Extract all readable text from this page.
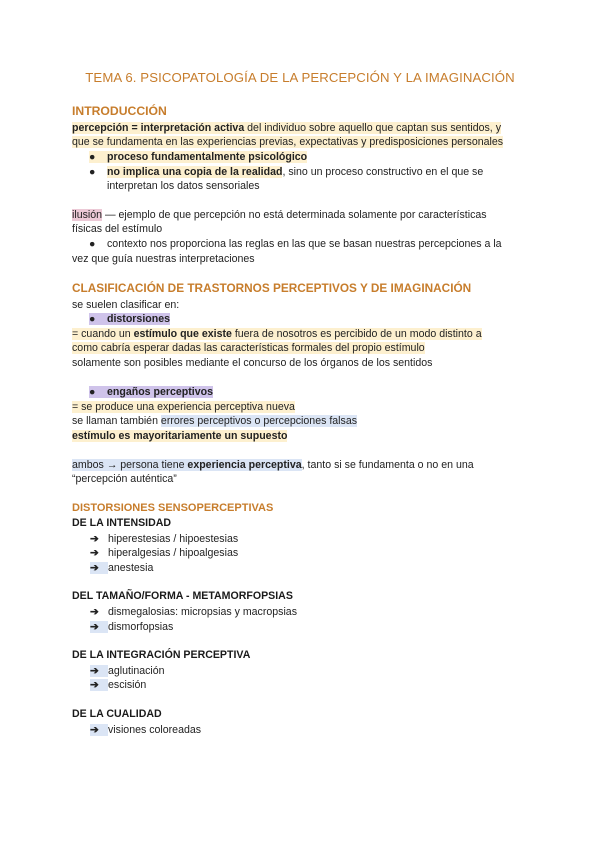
TEMA 6. PSICOPATOLOGÍA DE LA PERCEPCIÓN Y LA IMAGINACIÓN
INTRODUCCIÓN
percepción = interpretación activa del individuo sobre aquello que captan sus sentidos, y
que se fundamenta en las experiencias previas, expectativas y predisposiciones personales
● proceso fundamentalmente psicológico
● no implica una copia de la realidad, sino un proceso constructivo en el que se
interpretan los datos sensoriales
ilusión — ejemplo de que percepción no está determinada solamente por características
físicas del estímulo
● contexto nos proporciona las reglas en las que se basan nuestras percepciones a la
vez que guía nuestras interpretaciones
CLASIFICACIÓN DE TRASTORNOS PERCEPTIVOS Y DE IMAGINACIÓN
se suelen clasificar en:
● distorsiones
= cuando un estímulo que existe fuera de nosotros es percibido de un modo distinto a
como cabría esperar dadas las características formales del propio estímulo
solamente son posibles mediante el concurso de los órganos de los sentidos
● engaños perceptivos
= se produce una experiencia perceptiva nueva
se llaman también errores perceptivos o percepciones falsas
estímulo es mayoritariamente un supuesto
ambos → persona tiene experiencia perceptiva, tanto si se fundamenta o no en una
“percepción auténtica”
DISTORSIONES SENSOPERCEPTIVAS
DE LA INTENSIDAD
➔ hiperestesias / hipoestesias
➔ hiperalgesias / hipoalgesias
➔ anestesia
DEL TAMAÑO/FORMA - METAMORFOPSIAS
➔ dismegalosias: micropsias y macropsias
➔ dismorfopsias
DE LA INTEGRACIÓN PERCEPTIVA
➔ aglutinación
➔ escisión
DE LA CUALIDAD
➔ visiones coloreadas
